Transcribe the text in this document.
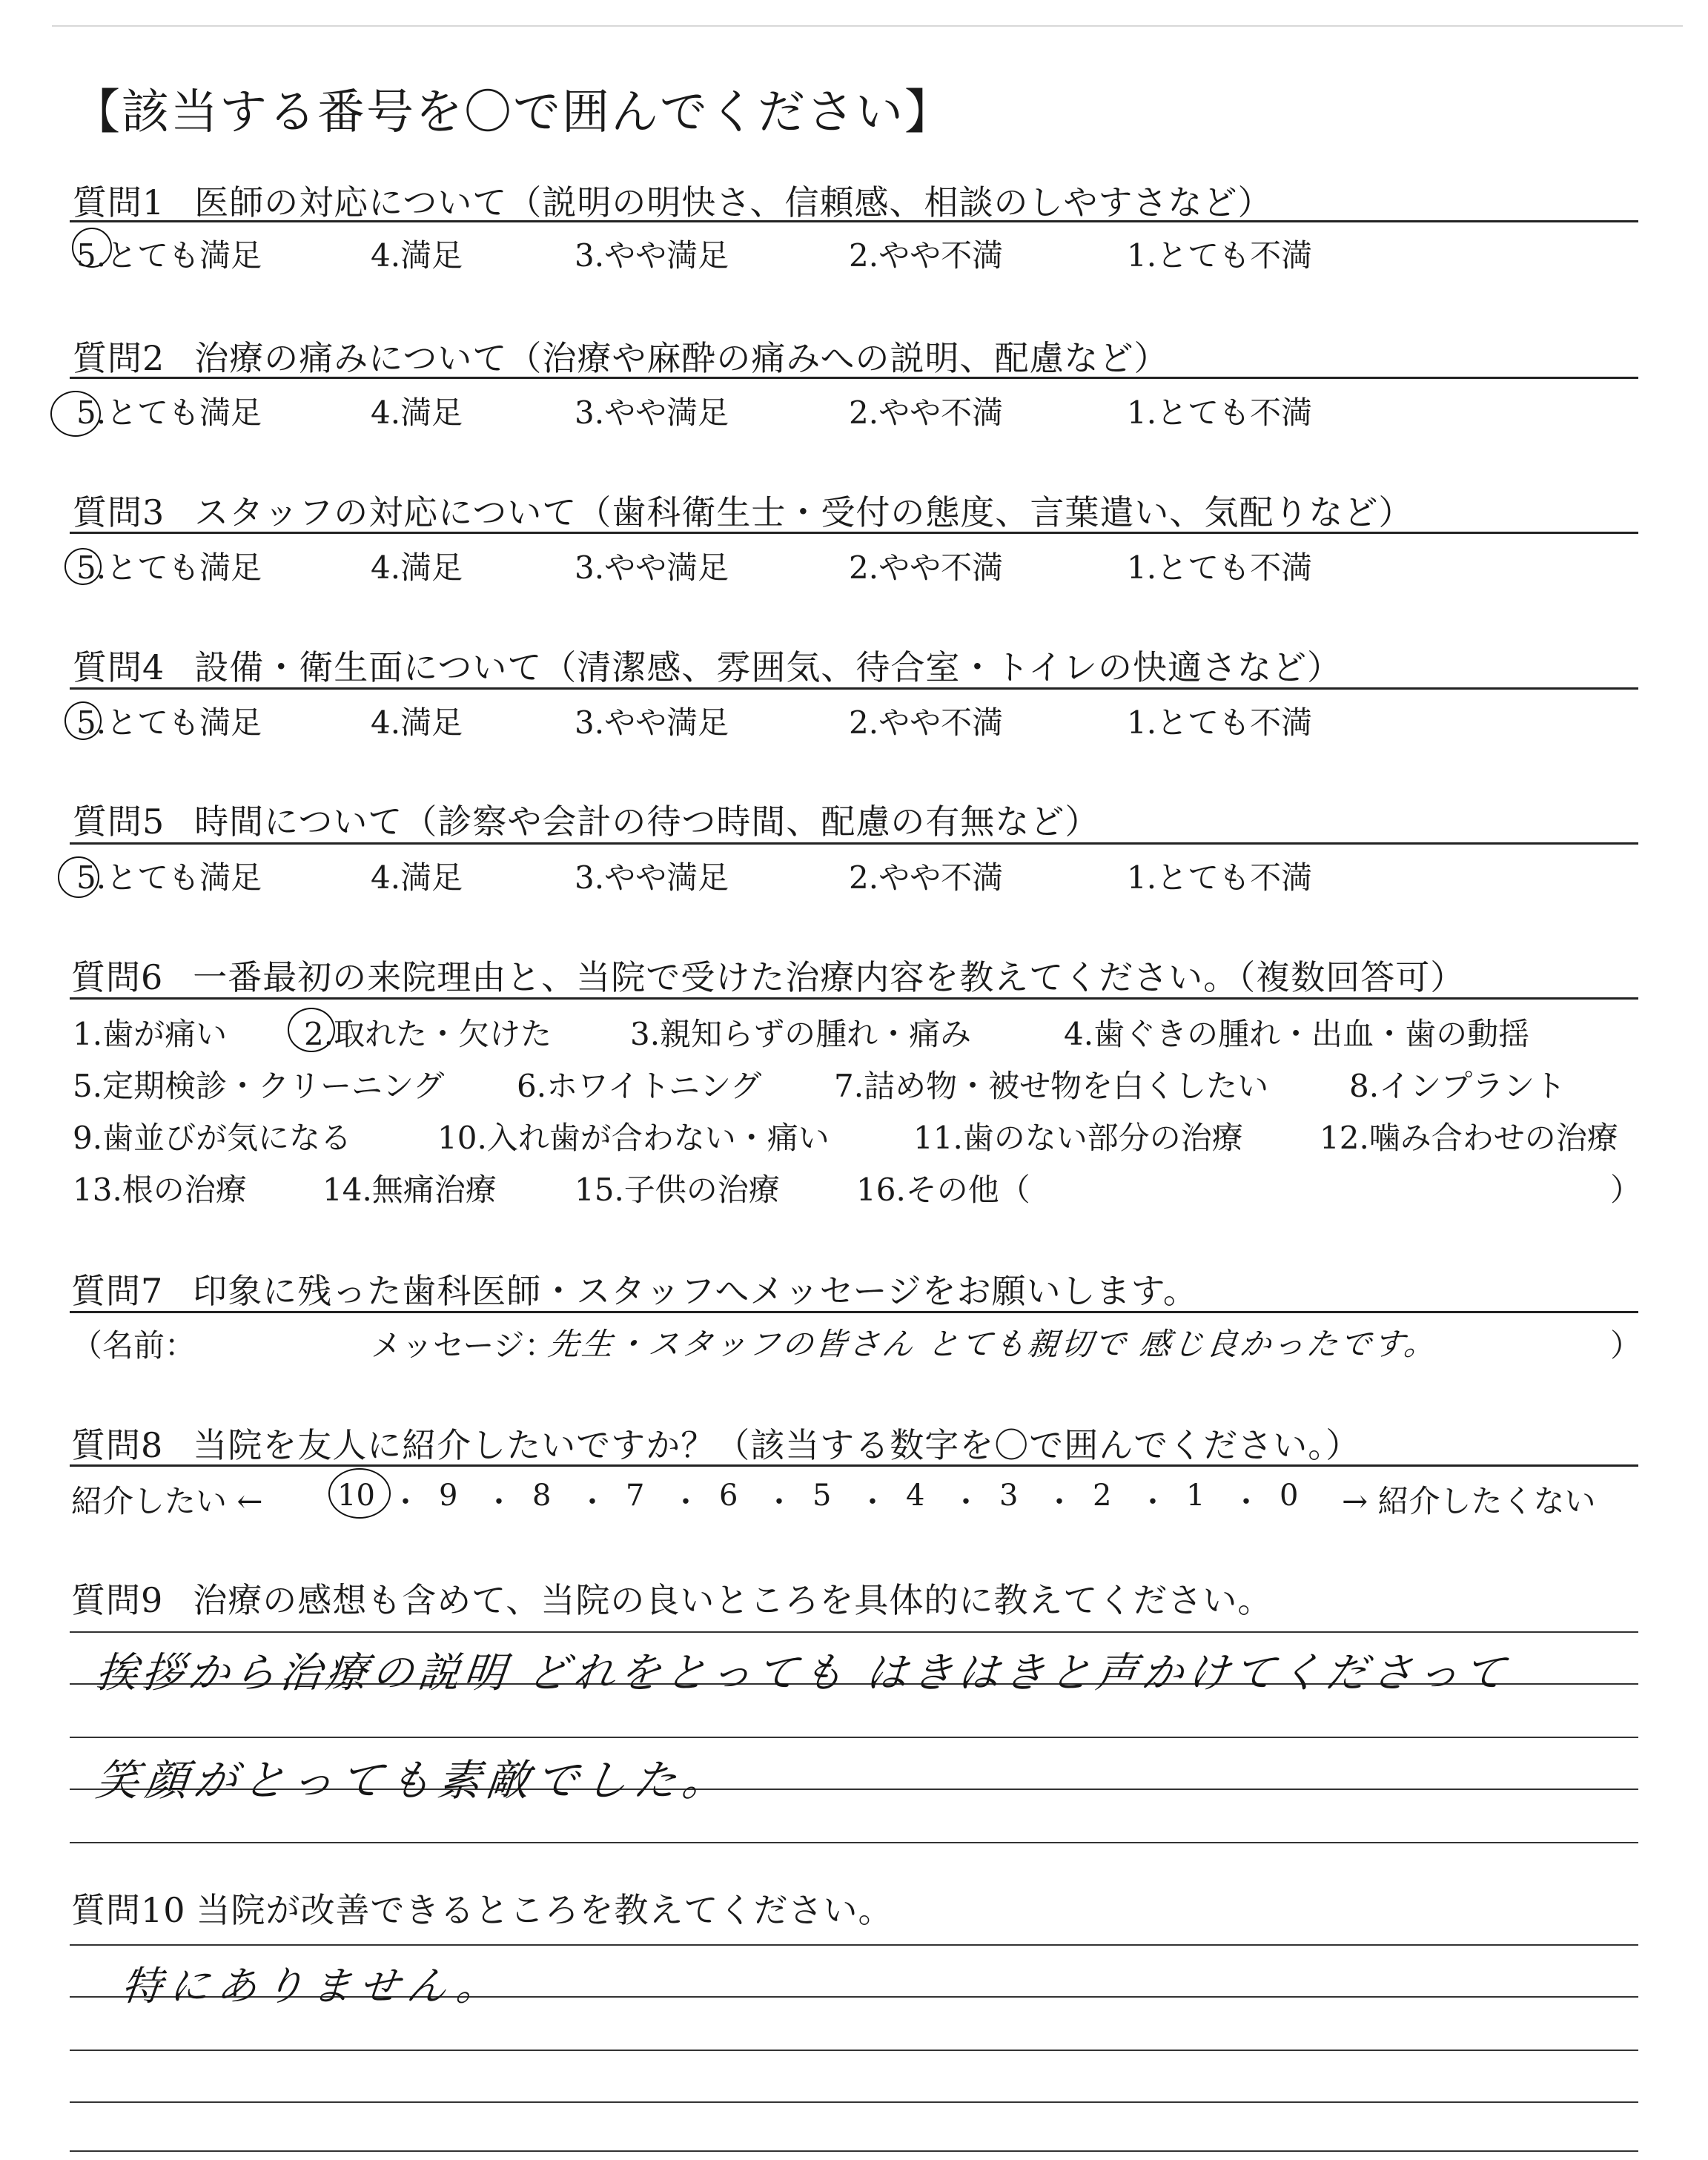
【該当する番号を〇で囲んでください】
質問1 医師の対応について（説明の明快さ、信頼感、相談のしやすさなど）
5.とても満足	4.満足	3.やや満足	2.やや不満	1.とても不満
質問2 治療の痛みについて（治療や麻酔の痛みへの説明、配慮など）
5.とても満足	4.満足	3.やや満足	2.やや不満	1.とても不満
質問3 スタッフの対応について（歯科衛生士・受付の態度、言葉遣い、気配りなど）
5.とても満足	4.満足	3.やや満足	2.やや不満	1.とても不満
質問4 設備・衛生面について（清潔感、雰囲気、待合室・トイレの快適さなど）
5.とても満足	4.満足	3.やや満足	2.やや不満	1.とても不満
質問5 時間について（診察や会計の待つ時間、配慮の有無など）
5.とても満足	4.満足	3.やや満足	2.やや不満	1.とても不満
質問6 一番最初の来院理由と、当院で受けた治療内容を教えてください。（複数回答可）
1.歯が痛い 2.取れた・欠けた	3.親知らずの腫れ・痛み	4.歯ぐきの腫れ・出血・歯の動揺
5.定期検診・クリーニング 6.ホワイトニング 7.詰め物・被せ物を白くしたい	8.インプラント
9.歯並びが気になる	10.入れ歯が合わない・痛い	11.歯のない部分の治療 12.噛み合わせの治療
13.根の治療 14.無痛治療	15.子供の治療 16.その他（	）
質問7 印象に残った歯科医師・スタッフへメッセージをお願いします。
（名前：	メッセージ：
先生・スタッフの皆さん とても親切で 感じ良かったです。	）
質問8 当院を友人に紹介したいですか？（該当する数字を〇で囲んでください。）
紹介したい ←	10 ・ 9 ・ 8 ・ 7 ・ 6 ・ 5 ・ 4 ・ 3 ・ 2 ・ 1 ・ 0 → 紹介したくない
質問9 治療の感想も含めて、当院の良いところを具体的に教えてください。
挨拶から治療の説明 どれをとっても はきはきと声かけてくださって
笑顔がとっても素敵でした。
質問10 当院が改善できるところを教えてください。
特にありません。
